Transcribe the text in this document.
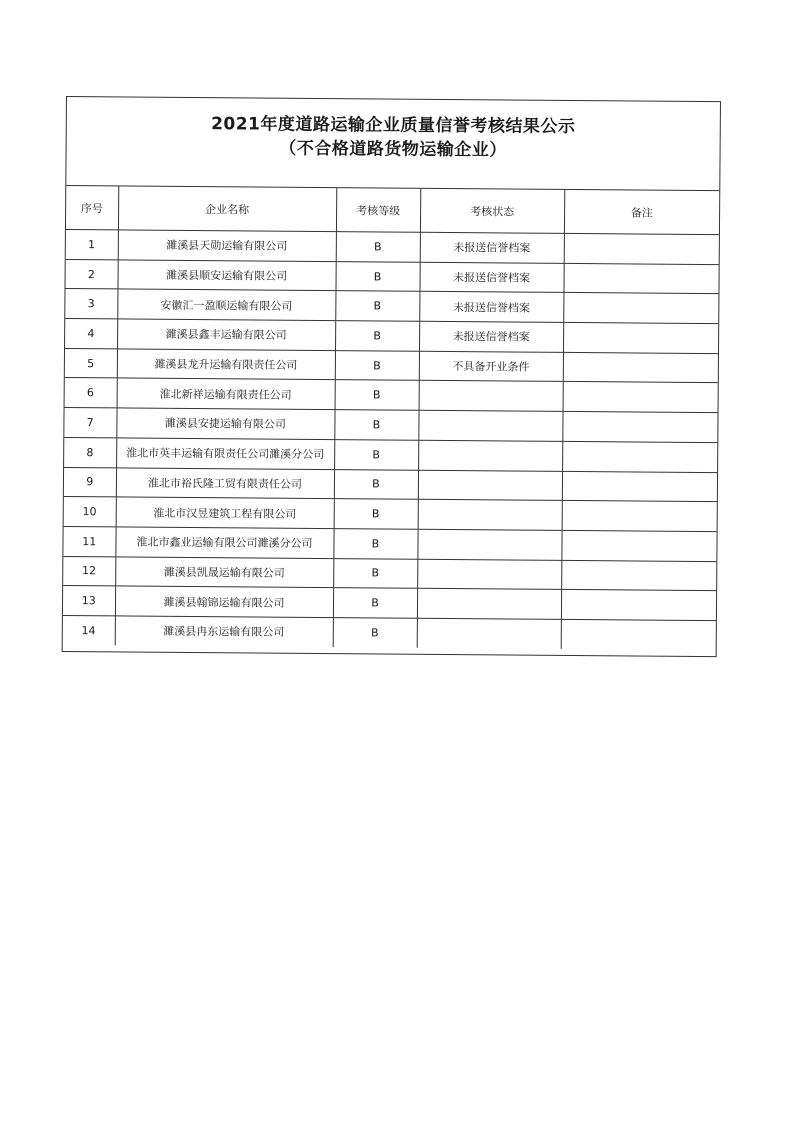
2021年度道路运输企业质量信誉考核结果公示
（不合格道路货物运输企业）
序号	企业名称	考核等级	考核状态	备注
1	濉溪县天勋运输有限公司	B	未报送信誉档案	
2	濉溪县顺安运输有限公司	B	未报送信誉档案	
3	安徽汇一盈顺运输有限公司	B	未报送信誉档案	
4	濉溪县鑫丰运输有限公司	B	未报送信誉档案	
5	濉溪县龙升运输有限责任公司	B	不具备开业条件	
6	淮北新祥运输有限责任公司	B		
7	濉溪县安捷运输有限公司	B		
8	淮北市英丰运输有限责任公司濉溪分公司	B		
9	淮北市裕氏隆工贸有限责任公司	B		
10	淮北市汉昱建筑工程有限公司	B		
11	淮北市鑫业运输有限公司濉溪分公司	B		
12	濉溪县凯晟运输有限公司	B		
13	濉溪县翰锦运输有限公司	B		
14	濉溪县冉东运输有限公司	B		
